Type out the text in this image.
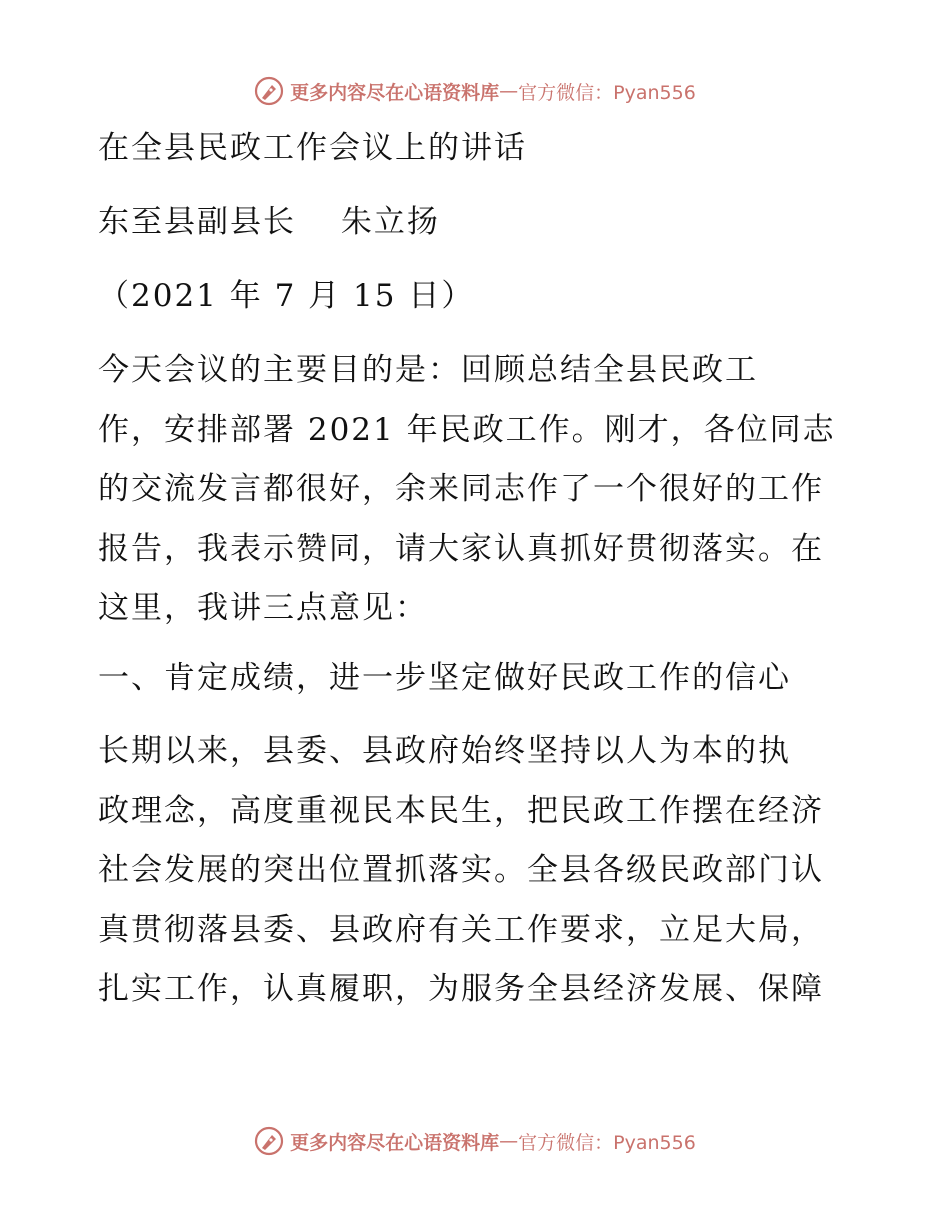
更多内容尽在心语资料库 — 官方微信：Pyan556
在全县民政工作会议上的讲话
东至县副县长　 朱立扬
（2021 年 7 月 15 日）
今天会议的主要目的是：回顾总结全县民政工
作，安排部署 2021 年民政工作。刚才，各位同志
的交流发言都很好，余来同志作了一个很好的工作
报告，我表示赞同，请大家认真抓好贯彻落实。在
这里，我讲三点意见：
一、肯定成绩，进一步坚定做好民政工作的信心
长期以来，县委、县政府始终坚持以人为本的执
政理念，高度重视民本民生，把民政工作摆在经济
社会发展的突出位置抓落实。全县各级民政部门认
真贯彻落县委、县政府有关工作要求，立足大局，
扎实工作，认真履职，为服务全县经济发展、保障
更多内容尽在心语资料库 — 官方微信：Pyan556
